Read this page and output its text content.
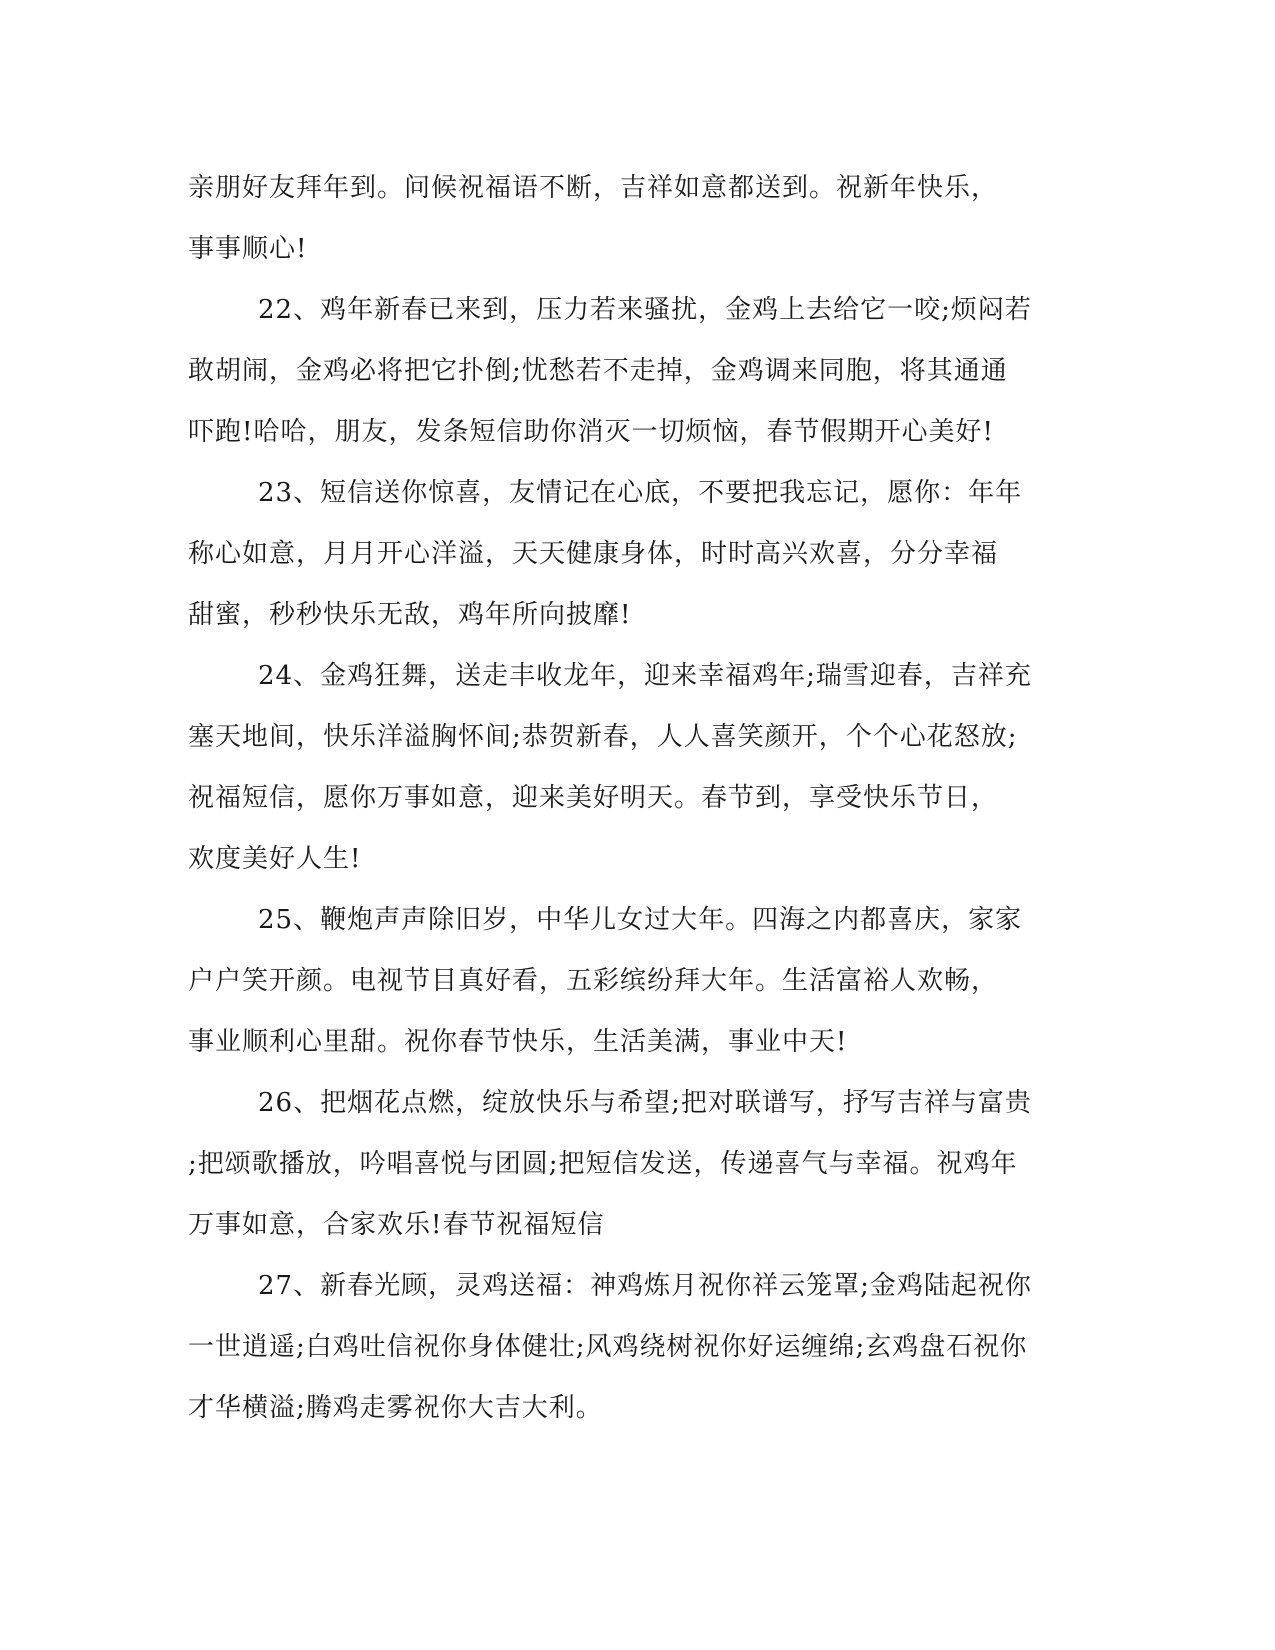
亲朋好友拜年到。问候祝福语不断，吉祥如意都送到。祝新年快乐，
事事顺心!

22、鸡年新春已来到，压力若来骚扰，金鸡上去给它一咬;烦闷若
敢胡闹，金鸡必将把它扑倒;忧愁若不走掉，金鸡调来同胞，将其通通
吓跑!哈哈，朋友，发条短信助你消灭一切烦恼，春节假期开心美好!

23、短信送你惊喜，友情记在心底，不要把我忘记，愿你：年年
称心如意，月月开心洋溢，天天健康身体，时时高兴欢喜，分分幸福
甜蜜，秒秒快乐无敌，鸡年所向披靡!

24、金鸡狂舞，送走丰收龙年，迎来幸福鸡年;瑞雪迎春，吉祥充
塞天地间，快乐洋溢胸怀间;恭贺新春，人人喜笑颜开，个个心花怒放;
祝福短信，愿你万事如意，迎来美好明天。春节到，享受快乐节日，
欢度美好人生!

25、鞭炮声声除旧岁，中华儿女过大年。四海之内都喜庆，家家
户户笑开颜。电视节目真好看，五彩缤纷拜大年。生活富裕人欢畅，
事业顺利心里甜。祝你春节快乐，生活美满，事业中天!

26、把烟花点燃，绽放快乐与希望;把对联谱写，抒写吉祥与富贵
;把颂歌播放，吟唱喜悦与团圆;把短信发送，传递喜气与幸福。祝鸡年
万事如意，合家欢乐!春节祝福短信

27、新春光顾，灵鸡送福：神鸡炼月祝你祥云笼罩;金鸡陆起祝你
一世逍遥;白鸡吐信祝你身体健壮;风鸡绕树祝你好运缠绵;玄鸡盘石祝你
才华横溢;腾鸡走雾祝你大吉大利。
